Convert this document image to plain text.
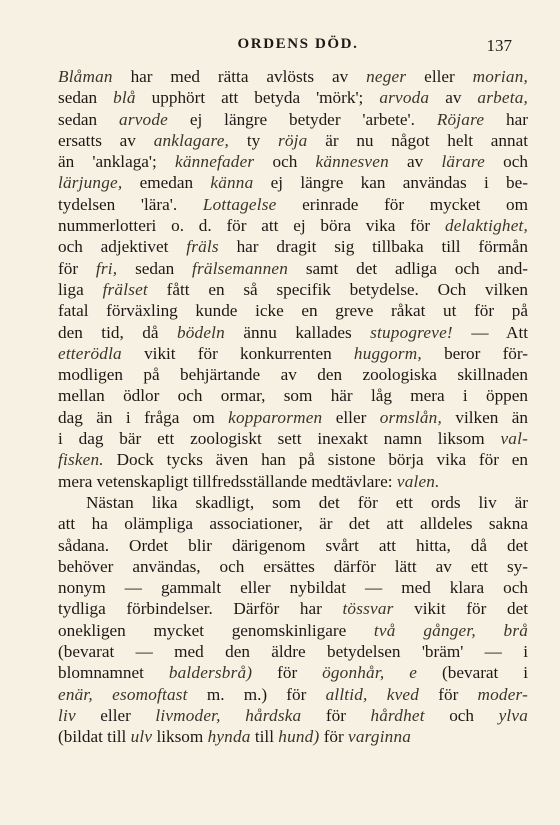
ORDENS DÖD.	137
Blåman har med rätta avlösts av neger eller morian,
sedan blå upphört att betyda 'mörk'; arvoda av arbeta,
sedan arvode ej längre betyder 'arbete'. Röjare har
ersatts av anklagare, ty röja är nu något helt annat
än 'anklaga'; kännefader och kännesven av lärare och
lärjunge, emedan känna ej längre kan användas i be-
tydelsen 'lära'. Lottagelse erinrade för mycket om
nummerlotteri o. d. för att ej böra vika för delaktighet,
och adjektivet fräls har dragit sig tillbaka till förmån
för fri, sedan frälsemannen samt det adliga och and-
liga frälset fått en så specifik betydelse. Och vilken
fatal förväxling kunde icke en greve råkat ut för på
den tid, då bödeln ännu kallades stupogreve! — Att
etterödla vikit för konkurrenten huggorm, beror för-
modligen på behjärtande av den zoologiska skillnaden
mellan ödlor och ormar, som här låg mera i öppen
dag än i fråga om kopparormen eller ormslån, vilken än
i dag bär ett zoologiskt sett inexakt namn liksom val-
fisken. Dock tycks även han på sistone börja vika för en
mera vetenskapligt tillfredsställande medtävlare: valen.
Nästan lika skadligt, som det för ett ords liv är
att ha olämpliga associationer, är det att alldeles sakna
sådana. Ordet blir därigenom svårt att hitta, då det
behöver användas, och ersättes därför lätt av ett sy-
nonym — gammalt eller nybildat — med klara och
tydliga förbindelser. Därför har tössvar vikit för det
onekligen mycket genomskinligare två gånger, brå
(bevarat — med den äldre betydelsen 'bräm' — i
blomnamnet baldersbrå) för ögonhår, e (bevarat i
enär, esomoftast m. m.) för alltid, kved för moder-
liv eller livmoder, hårdska för hårdhet och ylva
(bildat till ulv liksom hynda till hund) för varginna
